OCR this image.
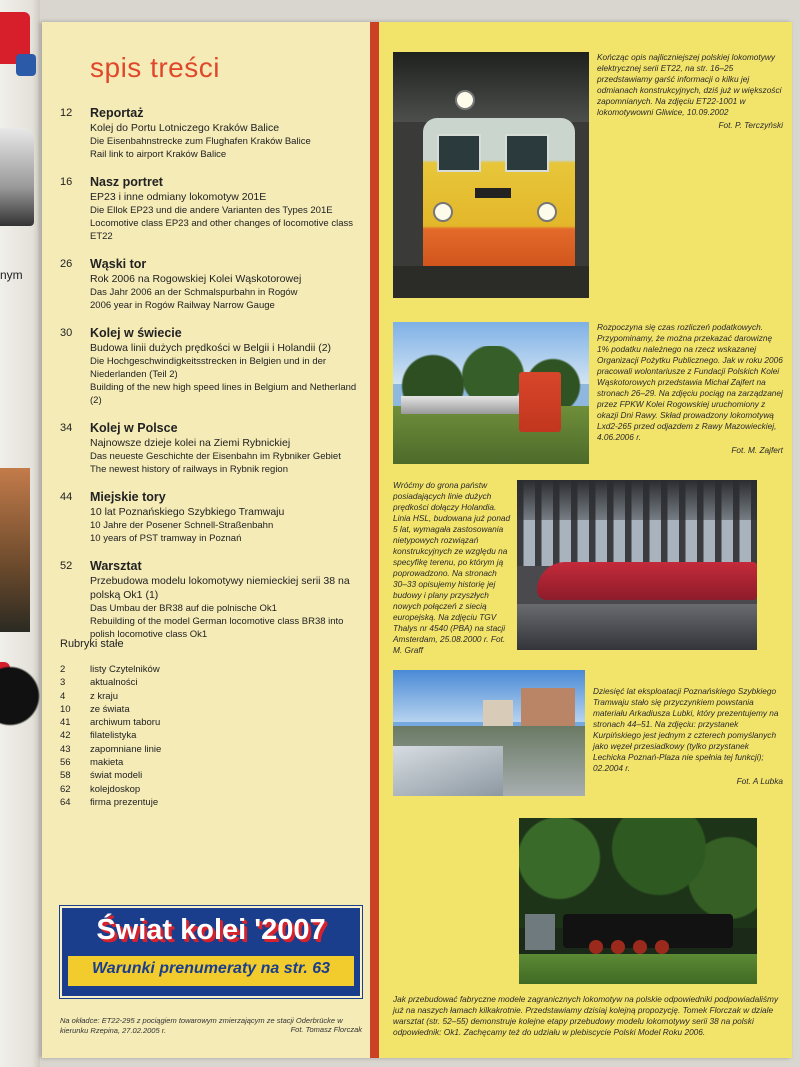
nym
spis treści
12 Reportaż
Kolej do Portu Lotniczego Kraków Balice
Die Eisenbahnstrecke zum Flughafen Kraków Balice
Rail link to airport Kraków Balice
16 Nasz portret
EP23 i inne odmiany lokomotyw 201E
Die Ellok EP23 und die andere Varianten des Types 201E
Locomotive class EP23 and other changes of locomotive class ET22
26 Wąski tor
Rok 2006 na Rogowskiej Kolei Wąskotorowej
Das Jahr 2006 an der Schmalspurbahn in Rogów
2006 year in Rogów Railway Narrow Gauge
30 Kolej w świecie
Budowa linii dużych prędkości w Belgii i Holandii (2)
Die Hochgeschwindigkeitsstrecken in Belgien und in der Niederlanden (Teil 2)
Building of the new high speed lines in Belgium and Netherland (2)
34 Kolej w Polsce
Najnowsze dzieje kolei na Ziemi Rybnickiej
Das neueste Geschichte der Eisenbahn im Rybniker Gebiet
The newest history of railways in Rybnik region
44 Miejskie tory
10 lat Poznańskiego Szybkiego Tramwaju
10 Jahre der Posener Schnell-Straßenbahn
10 years of PST tramway in Poznań
52 Warsztat
Przebudowa modelu lokomotywy niemieckiej serii 38 na polską Ok1 (1)
Das Umbau der BR38 auf die polnische Ok1
Rebuilding of the model German locomotive class BR38 into polish locomotive class Ok1
Rubryki stałe
2	listy Czytelników
3	aktualności
4	z kraju
10 ze świata
41 archiwum taboru
42 filatelistyka
43 zapomniane linie
56 makieta
58 świat modeli
62 kolejdoskop
64 firma prezentuje
Świat kolei '2007
Warunki prenumeraty na str. 63
Na okładce: ET22-295 z pociągiem towarowym zmierzającym ze stacji Oderbrücke w kierunku Rzepina, 27.02.2005 r.	Fot. Tomasz Florczak
Kończąc opis najliczniejszej polskiej lokomotywy elektrycznej serii ET22, na str. 16–25 przedstawiamy garść informacji o kilku jej odmianach konstrukcyjnych, dziś już w większości zapomnianych. Na zdjęciu ET22-1001 w lokomotywowni Gliwice, 10.09.2002
Fot. P. Terczyński
Rozpoczyna się czas rozliczeń podatkowych. Przypominamy, że można przekazać darowiznę 1% podatku należnego na rzecz wskazanej Organizacji Pożytku Publicznego. Jak w roku 2006 pracowali wolontariusze z Fundacji Polskich Kolei Wąskotorowych przedstawia Michał Zajfert na stronach 26–29. Na zdjęciu pociąg na zarządzanej przez FPKW Kolei Rogowskiej uruchomiony z okazji Dni Rawy. Skład prowadzony lokomotywą Lxd2-265 przed odjazdem z Rawy Mazowieckiej, 4.06.2006 r.
Fot. M. Zajfert
Wróćmy do grona państw posiadających linie dużych prędkości dołączy Holandia. Linia HSL, budowana już ponad 5 lat, wymagała zastosowania nietypowych rozwiązań konstrukcyjnych ze względu na specyfikę terenu, po którym ją poprowadzono. Na stronach 30–33 opisujemy historię jej budowy i plany przyszłych nowych połączeń z siecią europejską. Na zdjęciu TGV Thalys nr 4540 (PBA) na stacji Amsterdam, 25.08.2000 r. Fot. M. Graff
Dziesięć lat eksploatacji Poznańskiego Szybkiego Tramwaju stało się przyczynkiem powstania materiału Arkadiusza Lubki, który prezentujemy na stronach 44–51. Na zdjęciu: przystanek Kurpińskiego jest jednym z czterech pomyślanych jako węzeł przesiadkowy (tylko przystanek Lechicka Poznań-Plaza nie spełnia tej funkcji); 02.2004 r.
Fot. A Lubka
Jak przebudować fabryczne modele zagranicznych lokomotyw na polskie odpowiedniki podpowiadaliśmy już na naszych łamach kilkakrotnie. Przedstawiamy dzisiaj kolejną propozycję. Tomek Florczak w dziale warsztat (str. 52–55) demonstruje kolejne etapy przebudowy modelu lokomotywy serii 38 na polski odpowiednik: Ok1. Zachęcamy też do udziału w plebiscycie Polski Model Roku 2006.
